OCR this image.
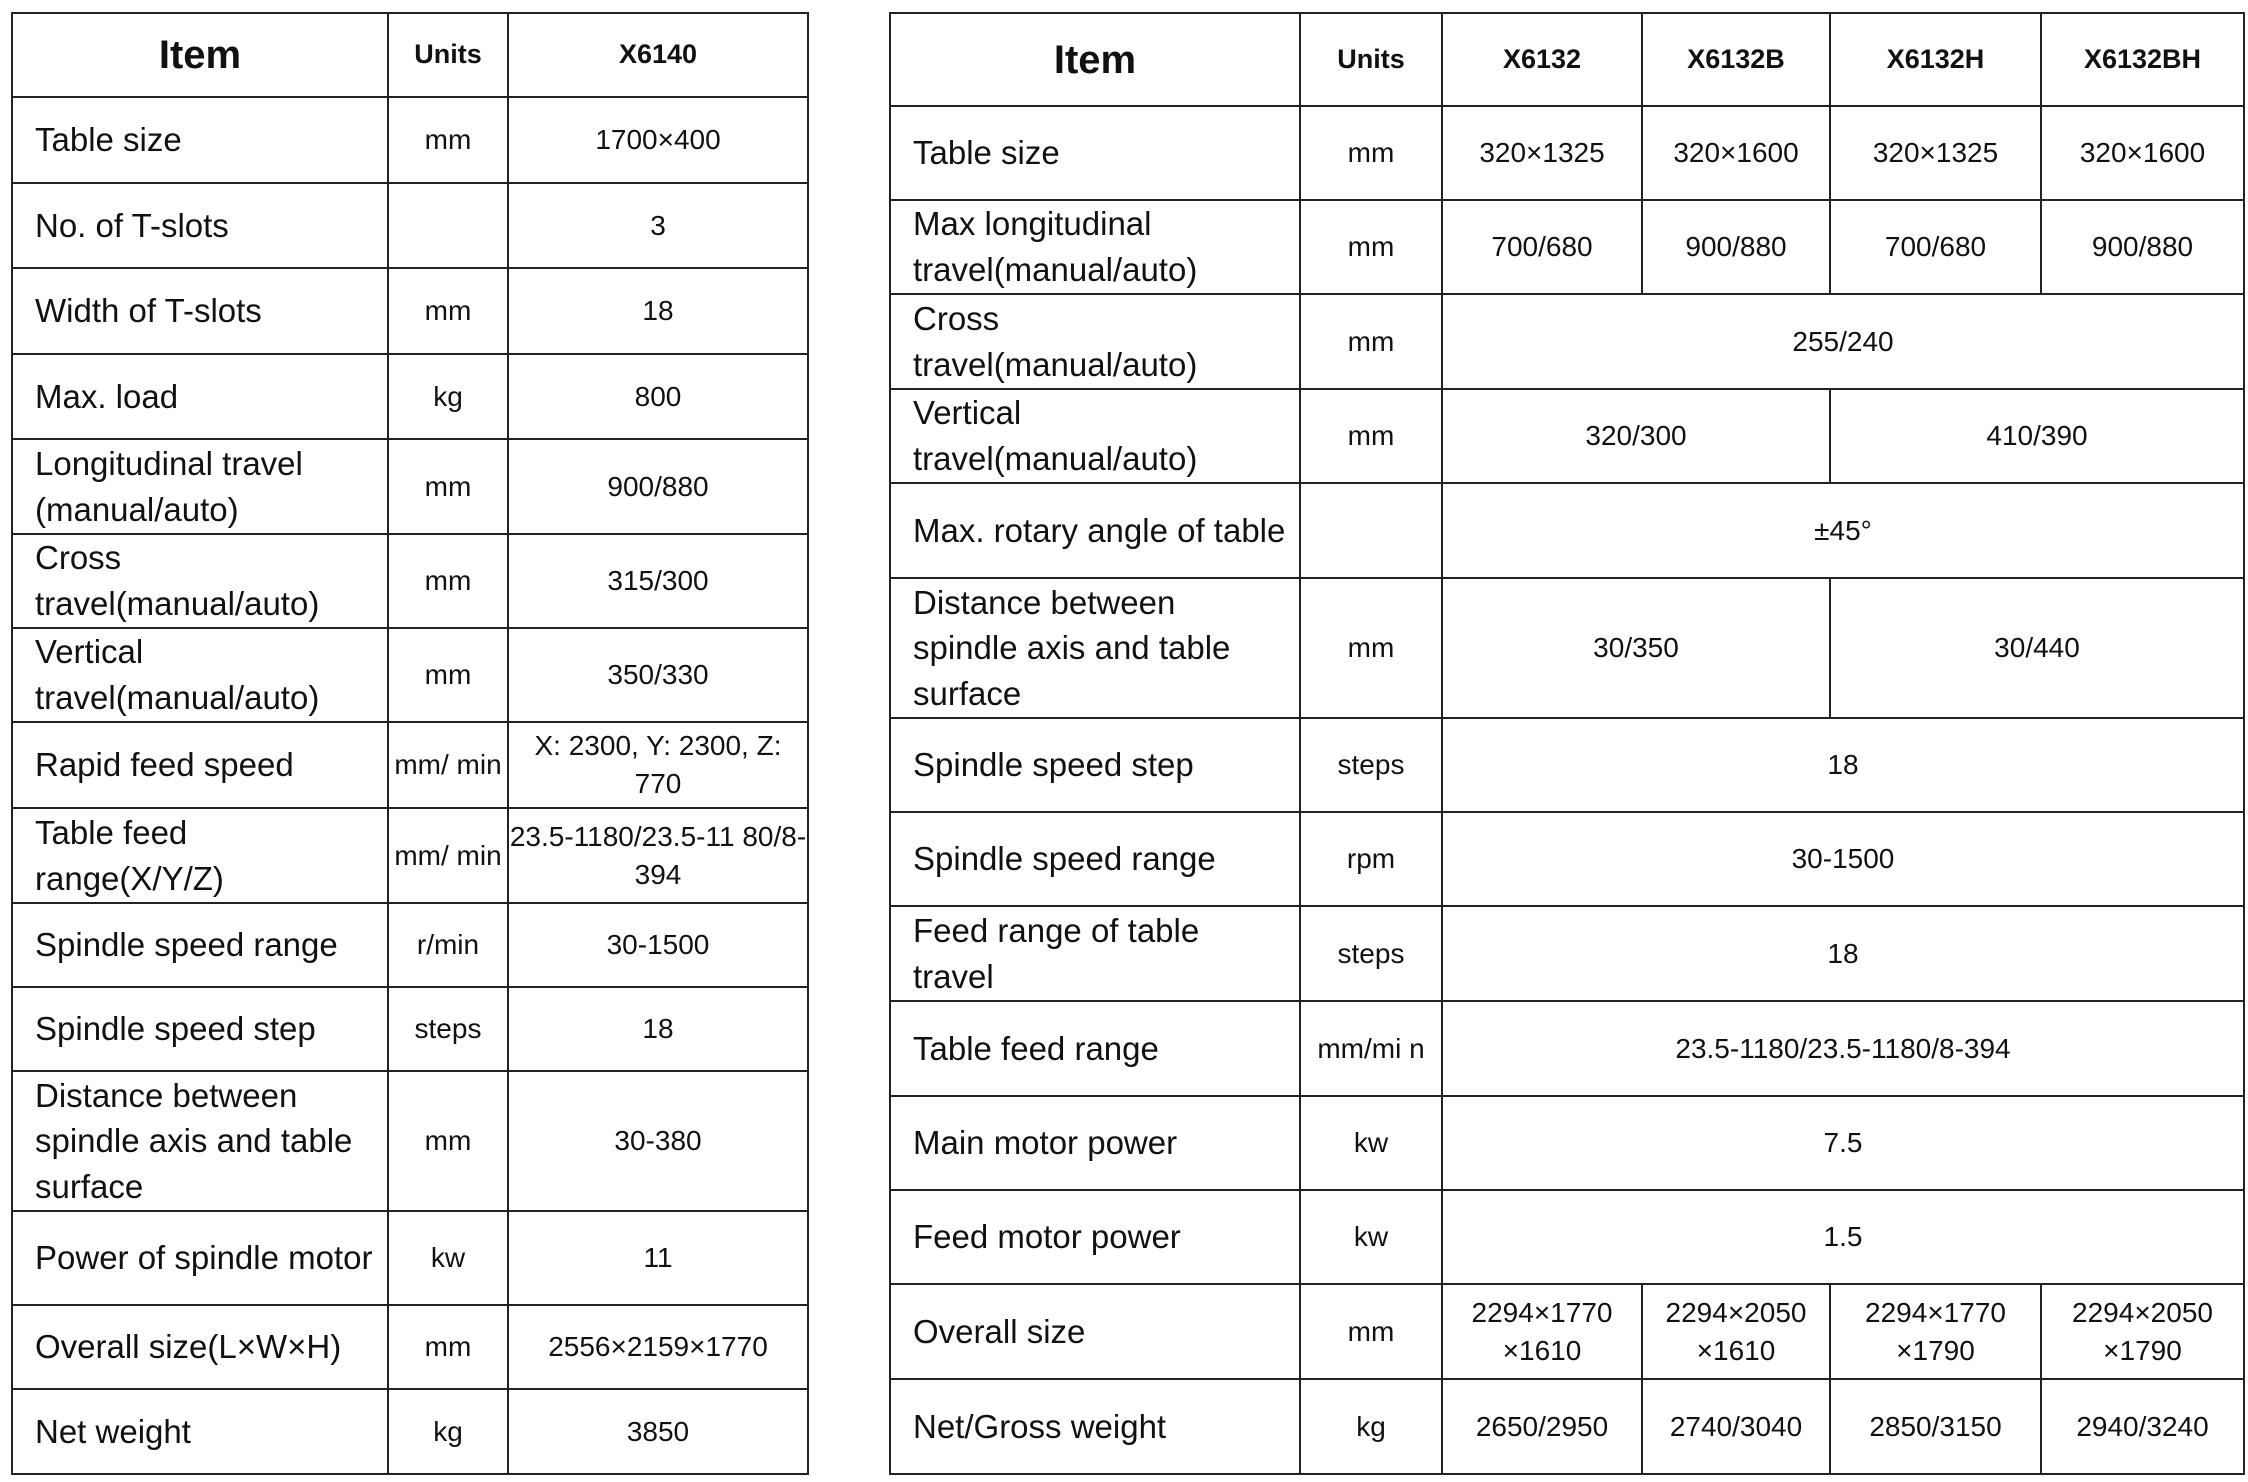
Item	Units	X6140
Table size	mm	1700×400
No. of T-slots		3
Width of T-slots	mm	18
Max. load	kg	800
Longitudinal travel (manual/auto)	mm	900/880
Cross travel(manual/auto)	mm	315/300
Vertical travel(manual/auto)	mm	350/330
Rapid feed speed	mm/ min	X: 2300, Y: 2300, Z: 770
Table feed range(X/Y/Z)	mm/ min	23.5-1180/23.5-11 80/8-394
Spindle speed range	r/min	30-1500
Spindle speed step	steps	18
Distance between spindle axis and table surface	mm	30-380
Power of spindle motor	kw	11
Overall size(L×W×H)	mm	2556×2159×1770
Net weight	kg	3850
Item	Units	X6132	X6132B	X6132H	X6132BH
Table size	mm	320×1325	320×1600	320×1325	320×1600
Max longitudinal travel(manual/auto)	mm	700/680	900/880	700/680	900/880
Cross travel(manual/auto)	mm	255/240			
Vertical travel(manual/auto)	mm	320/300		410/390	
Max. rotary angle of table		±45°			
Distance between spindle axis and table surface	mm	30/350		30/440	
Spindle speed step	steps	18			
Spindle speed range	rpm	30-1500			
Feed range of table travel	steps	18			
Table feed range	mm/mi n	23.5-1180/23.5-1180/8-394			
Main motor power	kw	7.5			
Feed motor power	kw	1.5			
Overall size	mm	2294×1770 ×1610	2294×2050 ×1610	2294×1770 ×1790	2294×2050 ×1790
Net/Gross weight	kg	2650/2950	2740/3040	2850/3150	2940/3240
